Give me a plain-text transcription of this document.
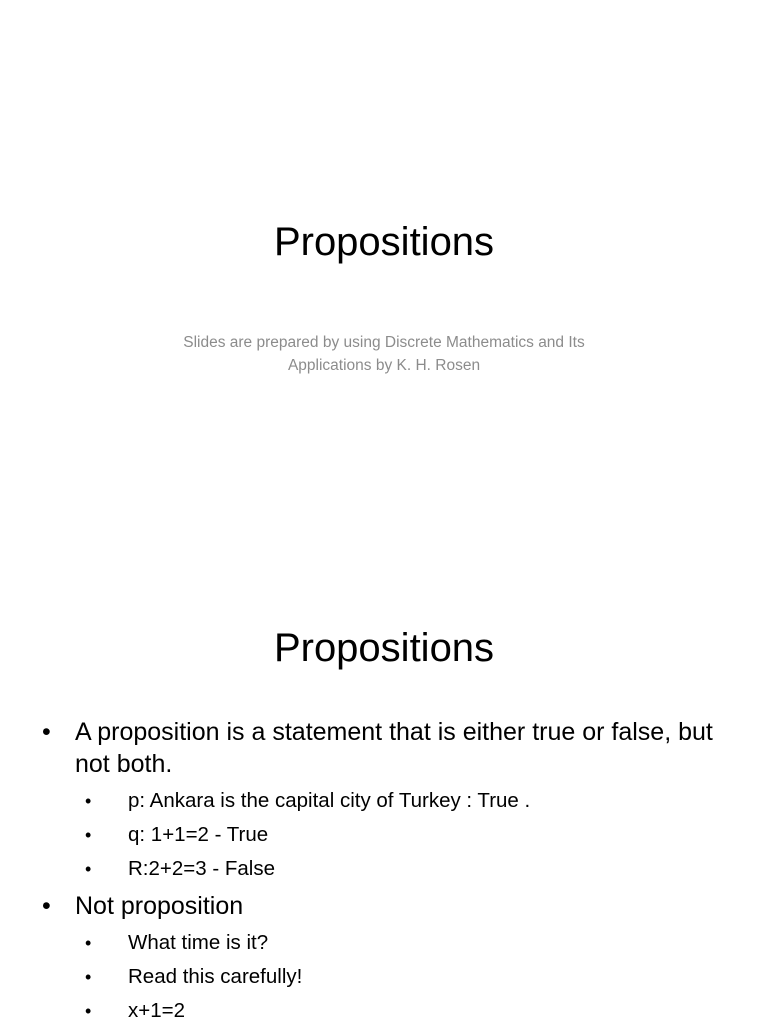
Propositions

Slides are prepared by using Discrete Mathematics and Its Applications by K. H. Rosen

Propositions
• A proposition is a statement that is either true or false, but not both.
• p: Ankara is the capital city of Turkey : True .
• q: 1+1=2 - True
• R:2+2=3 - False
• Not proposition
• What time is it?
• Read this carefully!
• x+1=2
